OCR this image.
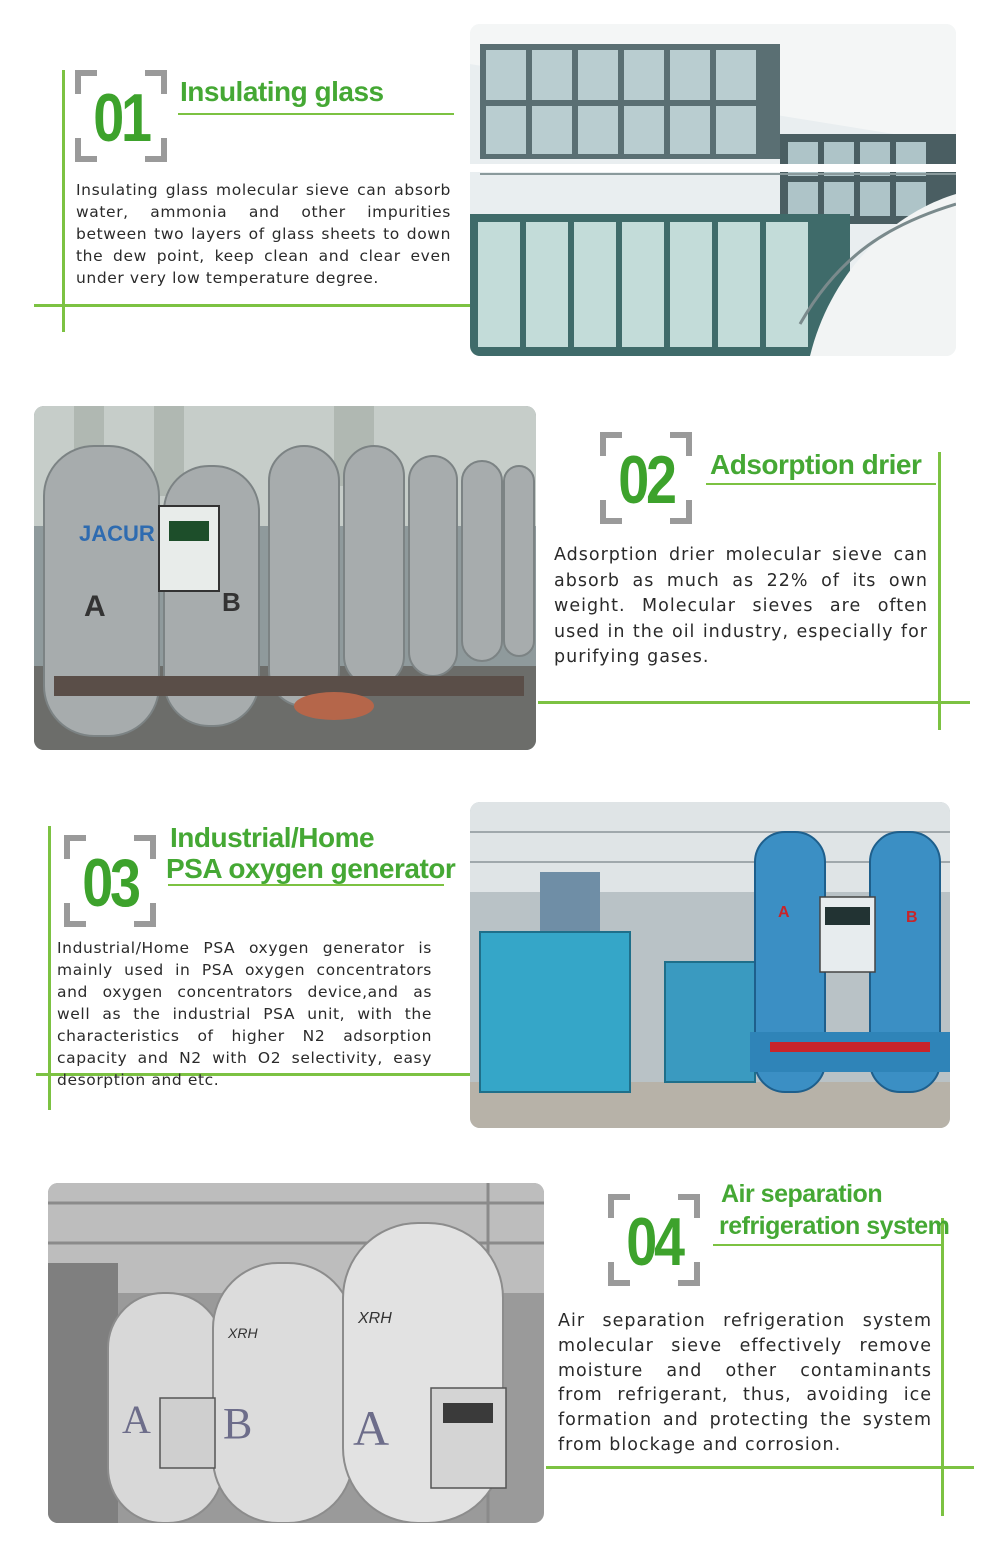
01	Insulating glass
Insulating glass molecular sieve can absorb water, ammonia and other impurities between two layers of glass sheets to down the dew point, keep clean and clear even under very low temperature degree.
JACUR
A	B
02	Adsorption drier
Adsorption drier molecular sieve can absorb as much as 22% of its own weight. Molecular sieves are often used in the oil industry, especially for purifying gases.
03
Industrial/Home
PSA oxygen generator
Industrial/Home PSA oxygen generator is mainly used in PSA oxygen concentrators and oxygen concentrators device,and as well as the industrial PSA unit, with the characteristics of higher N2 adsorption capacity and N2 with O2 selectivity, easy desorption and etc.
A	B
A B A
XRH
XRH
04
Air separation
refrigeration system
Air separation refrigeration system molecular sieve effectively remove moisture and other contaminants from refrigerant, thus, avoiding ice formation and protecting the system from blockage and corrosion.
